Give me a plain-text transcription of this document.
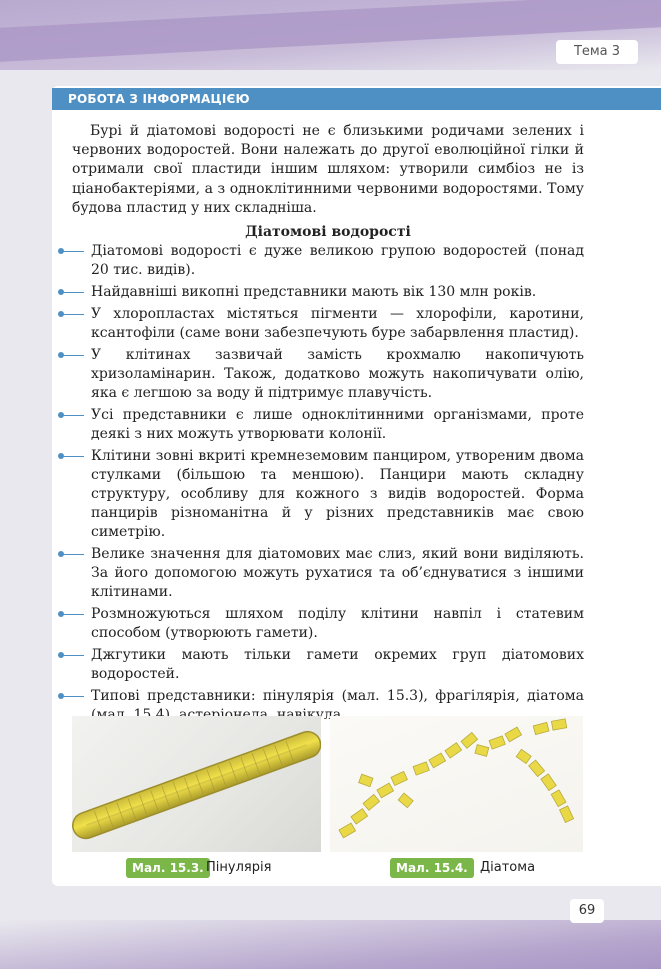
Тема 3
РОБОТА З ІНФОРМАЦІЄЮ
Бурі й діатомові водорості не є близькими родичами зелених і червоних водоростей. Вони належать до другої еволюційної гілки й отримали свої пластиди іншим шляхом: утворили симбіоз не із ціанобактеріями, а з одноклітинними червоними водоростями. Тому будова пластид у них складніша.
Діатомові водорості
Діатомові водорості є дуже великою групою водоростей (понад 20 тис. видів).
Найдавніші викопні представники мають вік 130 млн років.
У хлоропластах містяться пігменти — хлорофіли, каротини, ксантофіли (саме вони забезпечують буре забарвлення пластид).
У клітинах зазвичай замість крохмалю накопичують хризоламінарин. Також, додатково можуть накопичувати олію, яка є легшою за воду й підтримує плавучість.
Усі представники є лише одноклітинними організмами, проте деякі з них можуть утворювати колонії.
Клітини зовні вкриті кремнеземовим панциром, утвореним двома стулками (більшою та меншою). Панцири мають складну структуру, особливу для кожного з видів водоростей. Форма панцирів різноманітна й у різних представників має свою симетрію.
Велике значення для діатомових має слиз, який вони виділяють. За його допомогою можуть рухатися та об’єднуватися з іншими клітинами.
Розмножуються шляхом поділу клітини навпіл і статевим способом (утворюють гамети).
Джгутики мають тільки гамети окремих груп діатомових водоростей.
Типові представники: пінулярія (мал. 15.3), фрагілярія, діатома
Мал. 15.3. Пінулярія	Мал. 15.4. Діатома
69
